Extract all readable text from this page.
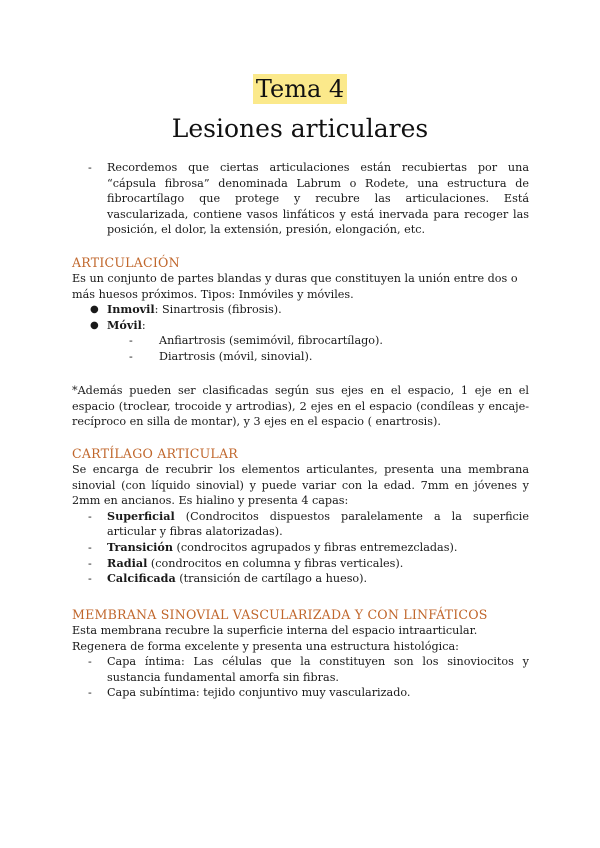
Tema 4
Lesiones articulares
- Recordemos que ciertas articulaciones están recubiertas por una “cápsula fibrosa” denominada Labrum o Rodete, una estructura de fibrocartílago que protege y recubre las articulaciones. Está vascularizada, contiene vasos linfáticos y está inervada para recoger las posición, el dolor, la extensión, presión, elongación, etc.
ARTICULACIÓN
Es un conjunto de partes blandas y duras que constituyen la unión entre dos o más huesos próximos. Tipos: Inmóviles y móviles.
● Inmovil: Sinartrosis (fibrosis).
● Móvil:
- Anfiartrosis (semimóvil, fibrocartílago).
- Diartrosis (móvil, sinovial).
*Además pueden ser clasificadas según sus ejes en el espacio, 1 eje en el espacio (troclear, trocoide y artrodias), 2 ejes en el espacio (condíleas y encaje-recíproco en silla de montar), y 3 ejes en el espacio ( enartrosis).
CARTÍLAGO ARTICULAR
Se encarga de recubrir los elementos articulantes, presenta una membrana sinovial (con líquido sinovial) y puede variar con la edad. 7mm en jóvenes y 2mm en ancianos. Es hialino y presenta 4 capas:
- Superficial (Condrocitos dispuestos paralelamente a la superficie articular y fibras alatorizadas).
- Transición (condrocitos agrupados y fibras entremezcladas).
- Radial (condrocitos en columna y fibras verticales).
- Calcificada (transición de cartílago a hueso).
MEMBRANA SINOVIAL VASCULARIZADA Y CON LINFÁTICOS
Esta membrana recubre la superficie interna del espacio intraarticular. Regenera de forma excelente y presenta una estructura histológica:
- Capa íntima: Las células que la constituyen son los sinoviocitos y sustancia fundamental amorfa sin fibras.
- Capa subíntima: tejido conjuntivo muy vascularizado.
